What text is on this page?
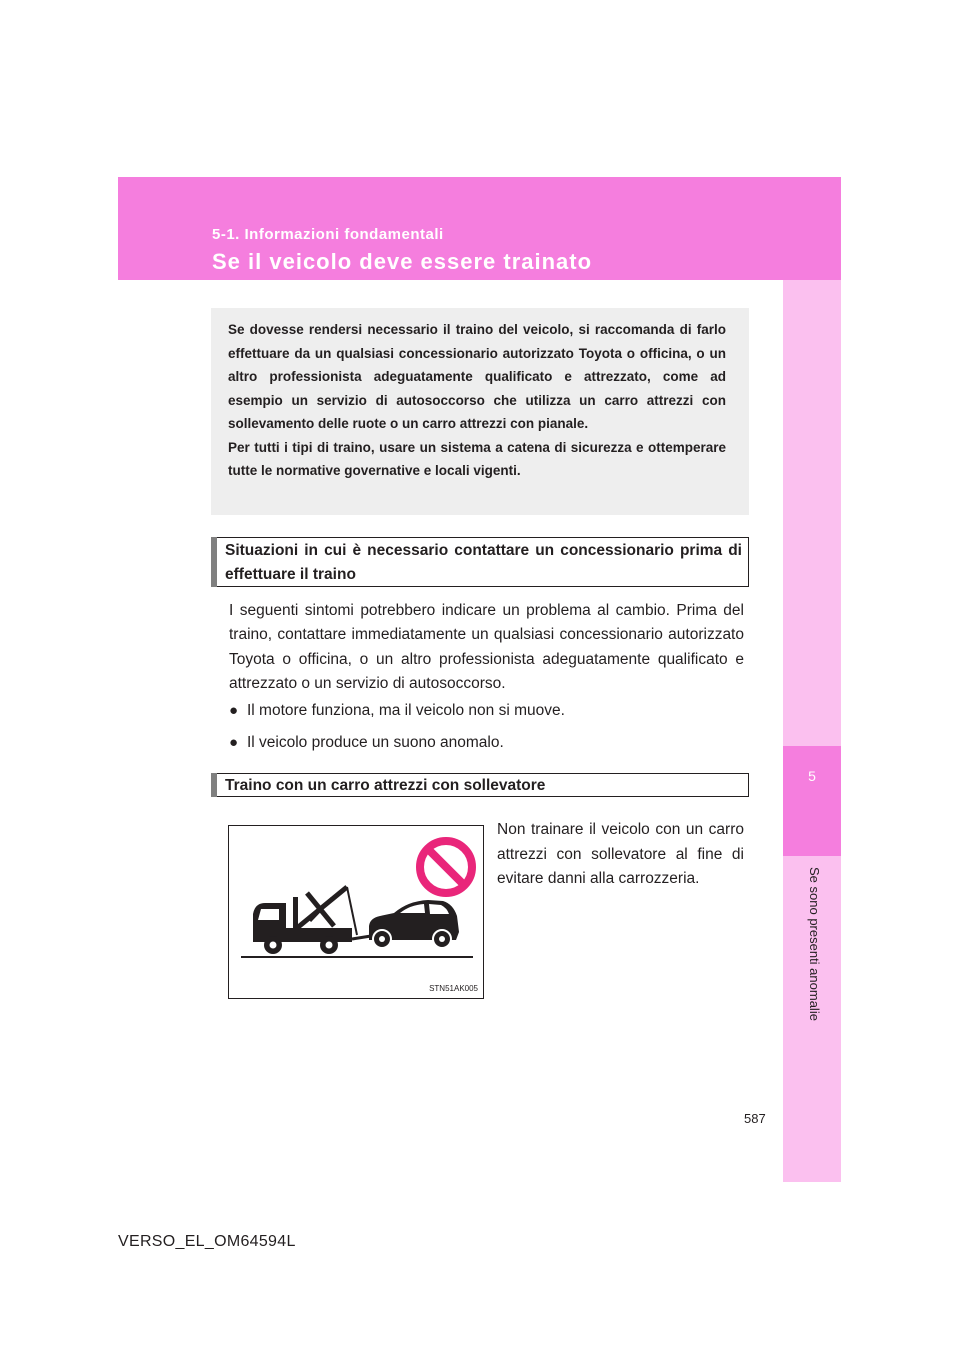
5-1. Informazioni fondamentali
Se il veicolo deve essere trainato
5
Se sono presenti anomalie

Se dovesse rendersi necessario il traino del veicolo, si raccomanda di farlo effettuare da un qualsiasi concessionario autorizzato Toyota o officina, o un altro professionista adeguatamente qualificato e attrezzato, come ad esempio un servizio di autosoccorso che utilizza un carro attrezzi con sollevamento delle ruote o un carro attrezzi con pianale.

Per tutti i tipi di traino, usare un sistema a catena di sicurezza e ottemperare tutte le normative governative e locali vigenti.

Situazioni in cui è necessario contattare un concessionario prima di effettuare il traino

I seguenti sintomi potrebbero indicare un problema al cambio. Prima del traino, contattare immediatamente un qualsiasi concessionario autorizzato Toyota o officina, o un altro professionista adeguatamente qualificato e attrezzato o un servizio di autosoccorso.

● Il motore funziona, ma il veicolo non si muove.
● Il veicolo produce un suono anomalo.
Traino con un carro attrezzi con sollevatore
STN51AK005

Non trainare il veicolo con un carro attrezzi con sollevatore al fine di evitare danni alla carrozzeria.

587
VERSO_EL_OM64594L
